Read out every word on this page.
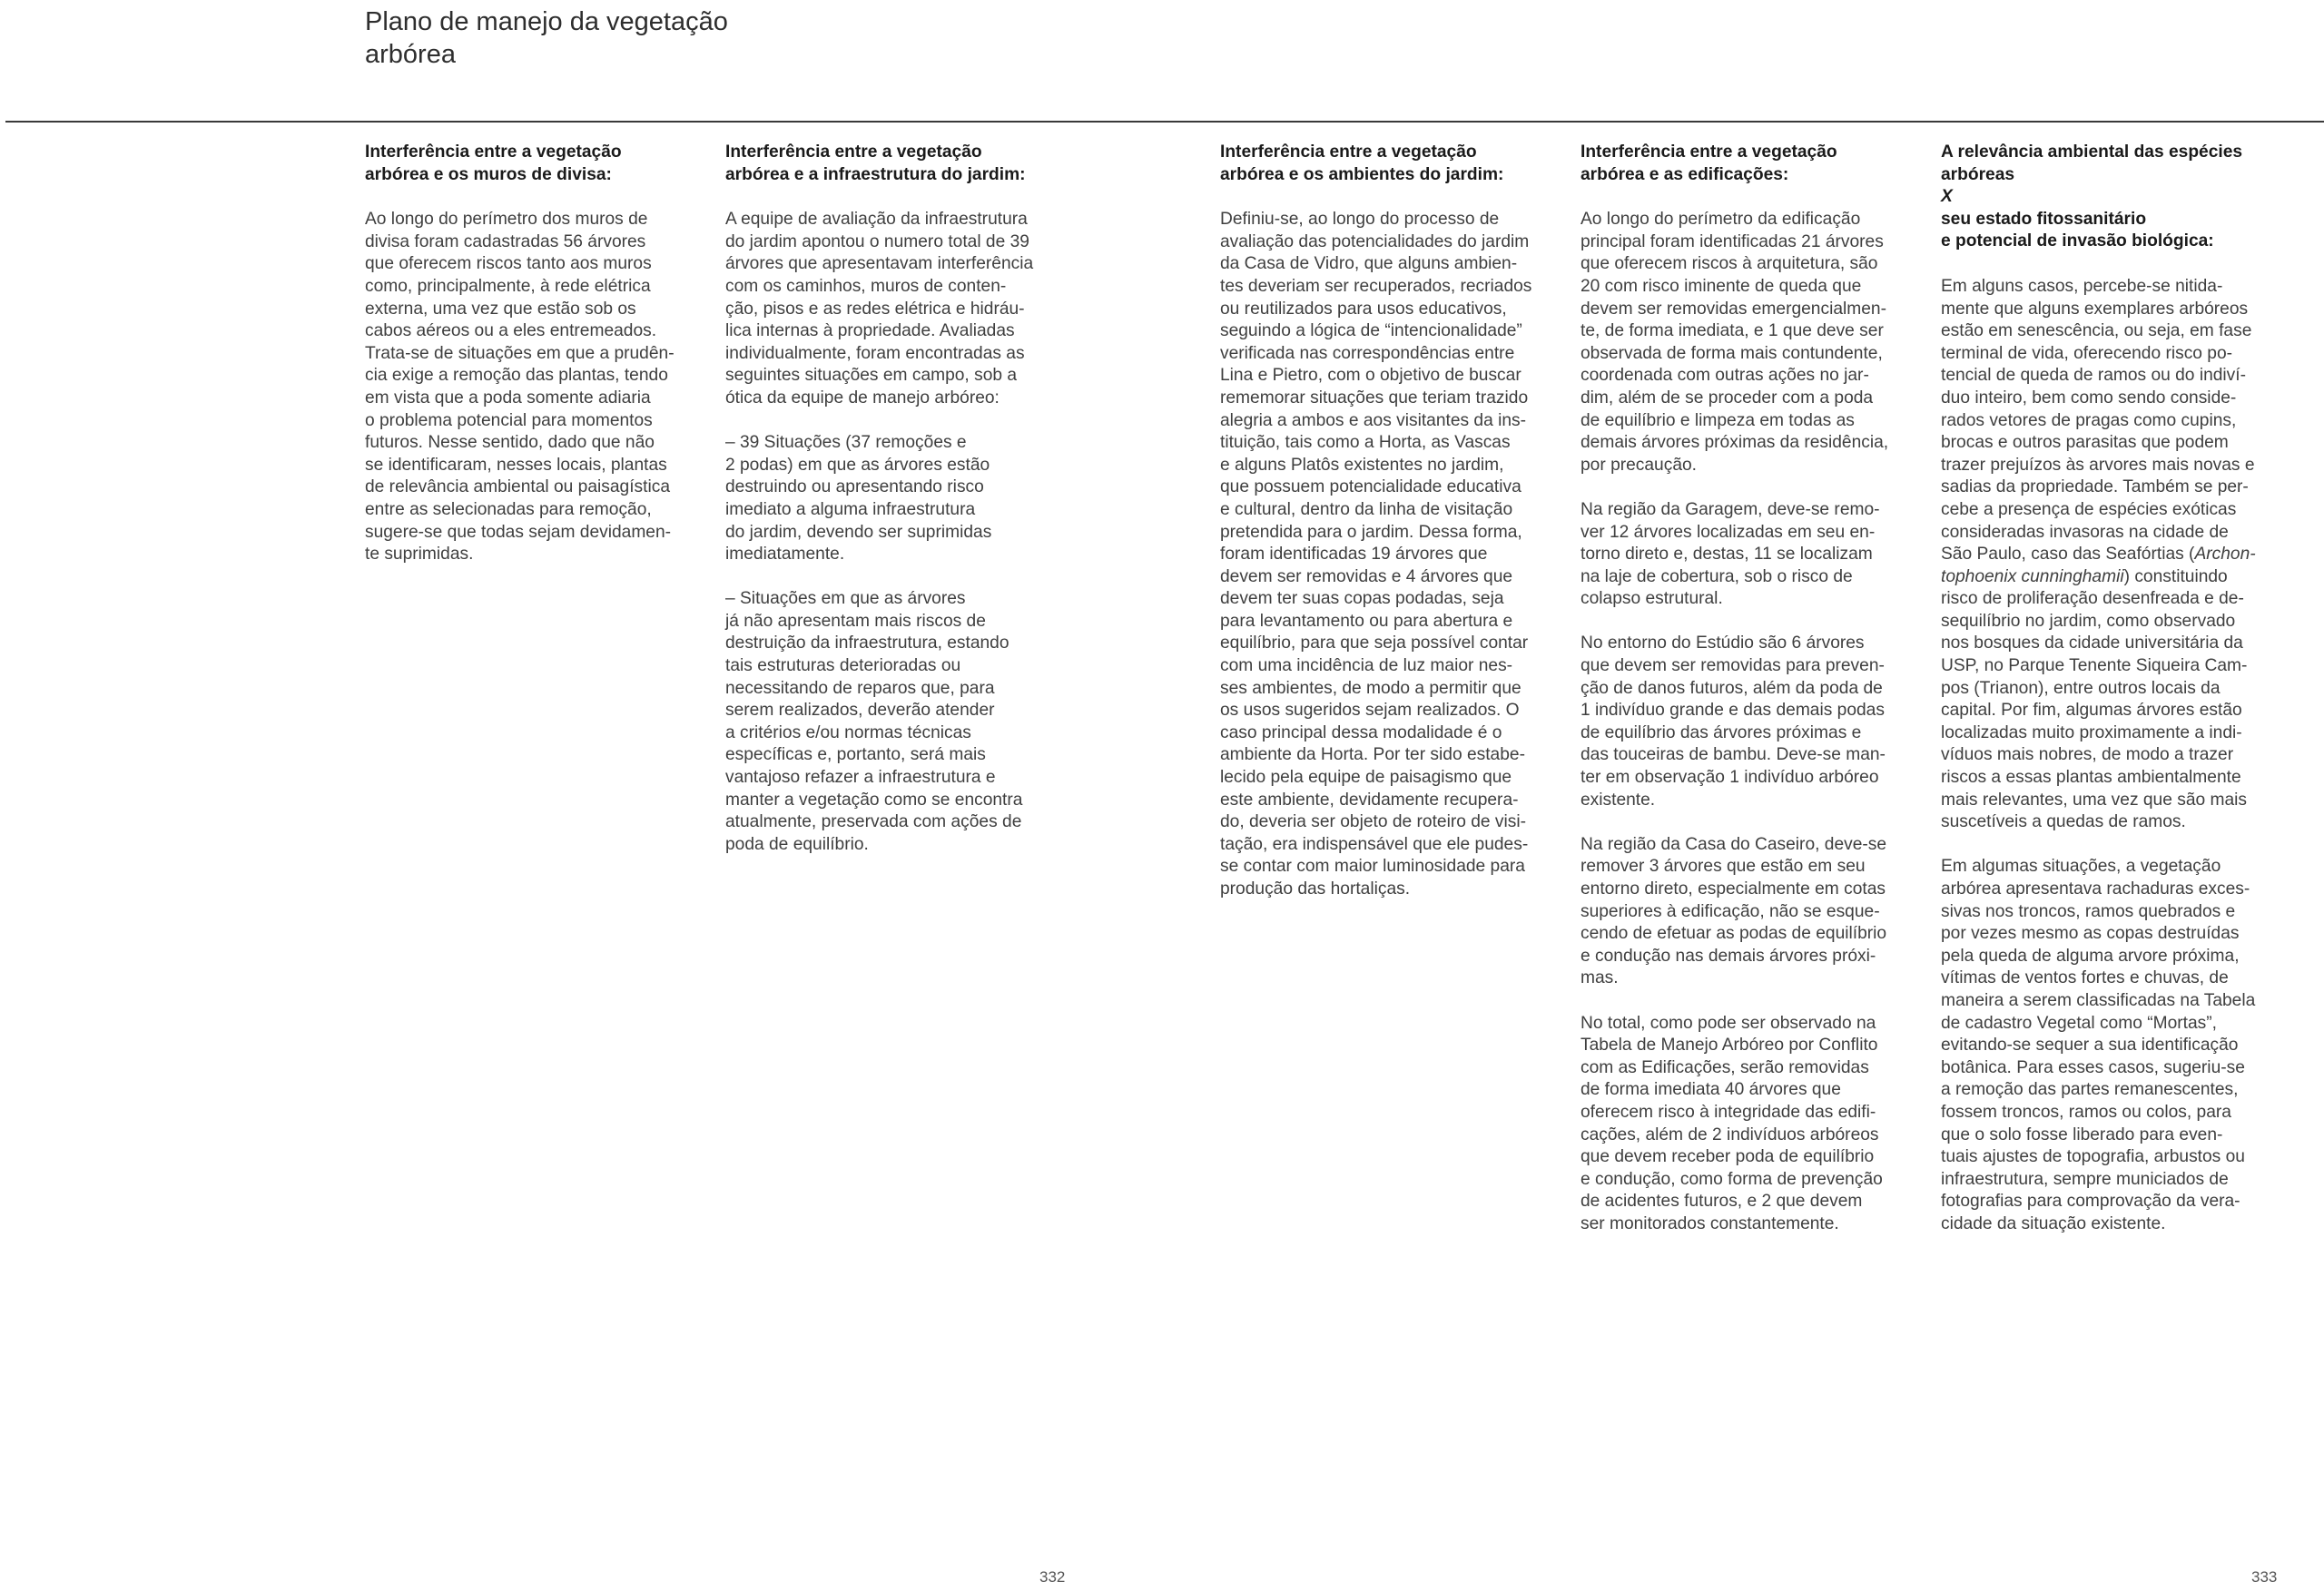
Plano de manejo da vegetação
arbórea
Interferência entre a vegetação
arbórea e os muros de divisa:

Ao longo do perímetro dos muros de
divisa foram cadastradas 56 árvores
que oferecem riscos tanto aos muros
como, principalmente, à rede elétrica
externa, uma vez que estão sob os
cabos aéreos ou a eles entremeados.
Trata-se de situações em que a prudên-
cia exige a remoção das plantas, tendo
em vista que a poda somente adiaria
o problema potencial para momentos
futuros. Nesse sentido, dado que não
se identificaram, nesses locais, plantas
de relevância ambiental ou paisagística
entre as selecionadas para remoção,
sugere-se que todas sejam devidamen-
te suprimidas.

Interferência entre a vegetação
arbórea e a infraestrutura do jardim:

A equipe de avaliação da infraestrutura
do jardim apontou o numero total de 39
árvores que apresentavam interferência
com os caminhos, muros de conten-
ção, pisos e as redes elétrica e hidráu-
lica internas à propriedade. Avaliadas
individualmente, foram encontradas as
seguintes situações em campo, sob a
ótica da equipe de manejo arbóreo:

– 39 Situações (37 remoções e
2 podas) em que as árvores estão
destruindo ou apresentando risco
imediato a alguma infraestrutura
do jardim, devendo ser suprimidas
imediatamente.

– Situações em que as árvores
já não apresentam mais riscos de
destruição da infraestrutura, estando
tais estruturas deterioradas ou
necessitando de reparos que, para
serem realizados, deverão atender
a critérios e/ou normas técnicas
específicas e, portanto, será mais
vantajoso refazer a infraestrutura e
manter a vegetação como se encontra
atualmente, preservada com ações de
poda de equilíbrio.

Interferência entre a vegetação
arbórea e os ambientes do jardim:

Definiu-se, ao longo do processo de
avaliação das potencialidades do jardim
da Casa de Vidro, que alguns ambien-
tes deveriam ser recuperados, recriados
ou reutilizados para usos educativos,
seguindo a lógica de “intencionalidade”
verificada nas correspondências entre
Lina e Pietro, com o objetivo de buscar
rememorar situações que teriam trazido
alegria a ambos e aos visitantes da ins-
tituição, tais como a Horta, as Vascas
e alguns Platôs existentes no jardim,
que possuem potencialidade educativa
e cultural, dentro da linha de visitação
pretendida para o jardim. Dessa forma,
foram identificadas 19 árvores que
devem ser removidas e 4 árvores que
devem ter suas copas podadas, seja
para levantamento ou para abertura e
equilíbrio, para que seja possível contar
com uma incidência de luz maior nes-
ses ambientes, de modo a permitir que
os usos sugeridos sejam realizados. O
caso principal dessa modalidade é o
ambiente da Horta. Por ter sido estabe-
lecido pela equipe de paisagismo que
este ambiente, devidamente recupera-
do, deveria ser objeto de roteiro de visi-
tação, era indispensável que ele pudes-
se contar com maior luminosidade para
produção das hortaliças.

Interferência entre a vegetação
arbórea e as edificações:

Ao longo do perímetro da edificação
principal foram identificadas 21 árvores
que oferecem riscos à arquitetura, são
20 com risco iminente de queda que
devem ser removidas emergencialmen-
te, de forma imediata, e 1 que deve ser
observada de forma mais contundente,
coordenada com outras ações no jar-
dim, além de se proceder com a poda
de equilíbrio e limpeza em todas as
demais árvores próximas da residência,
por precaução.

Na região da Garagem, deve-se remo-
ver 12 árvores localizadas em seu en-
torno direto e, destas, 11 se localizam
na laje de cobertura, sob o risco de
colapso estrutural.

No entorno do Estúdio são 6 árvores
que devem ser removidas para preven-
ção de danos futuros, além da poda de
1 indivíduo grande e das demais podas
de equilíbrio das árvores próximas e
das touceiras de bambu. Deve-se man-
ter em observação 1 indivíduo arbóreo
existente.

Na região da Casa do Caseiro, deve-se
remover 3 árvores que estão em seu
entorno direto, especialmente em cotas
superiores à edificação, não se esque-
cendo de efetuar as podas de equilíbrio
e condução nas demais árvores próxi-
mas.

No total, como pode ser observado na
Tabela de Manejo Arbóreo por Conflito
com as Edificações, serão removidas
de forma imediata 40 árvores que
oferecem risco à integridade das edifi-
cações, além de 2 indivíduos arbóreos
que devem receber poda de equilíbrio
e condução, como forma de prevenção
de acidentes futuros, e 2 que devem
ser monitorados constantemente.

A relevância ambiental das espécies
arbóreas
X
seu estado fitossanitário
e potencial de invasão biológica:

Em alguns casos, percebe-se nitida-
mente que alguns exemplares arbóreos
estão em senescência, ou seja, em fase
terminal de vida, oferecendo risco po-
tencial de queda de ramos ou do indiví-
duo inteiro, bem como sendo conside-
rados vetores de pragas como cupins,
brocas e outros parasitas que podem
trazer prejuízos às arvores mais novas e
sadias da propriedade. Também se per-
cebe a presença de espécies exóticas
consideradas invasoras na cidade de
São Paulo, caso das Seafórtias (Archon-
tophoenix cunninghamii) constituindo
risco de proliferação desenfreada e de-
sequilíbrio no jardim, como observado
nos bosques da cidade universitária da
USP, no Parque Tenente Siqueira Cam-
pos (Trianon), entre outros locais da
capital. Por fim, algumas árvores estão
localizadas muito proximamente a indi-
víduos mais nobres, de modo a trazer
riscos a essas plantas ambientalmente
mais relevantes, uma vez que são mais
suscetíveis a quedas de ramos.

Em algumas situações, a vegetação
arbórea apresentava rachaduras exces-
sivas nos troncos, ramos quebrados e
por vezes mesmo as copas destruídas
pela queda de alguma arvore próxima,
vítimas de ventos fortes e chuvas, de
maneira a serem classificadas na Tabela
de cadastro Vegetal como “Mortas”,
evitando-se sequer a sua identificação
botânica. Para esses casos, sugeriu-se
a remoção das partes remanescentes,
fossem troncos, ramos ou colos, para
que o solo fosse liberado para even-
tuais ajustes de topografia, arbustos ou
infraestrutura, sempre municiados de
fotografias para comprovação da vera-
cidade da situação existente.

332	333
